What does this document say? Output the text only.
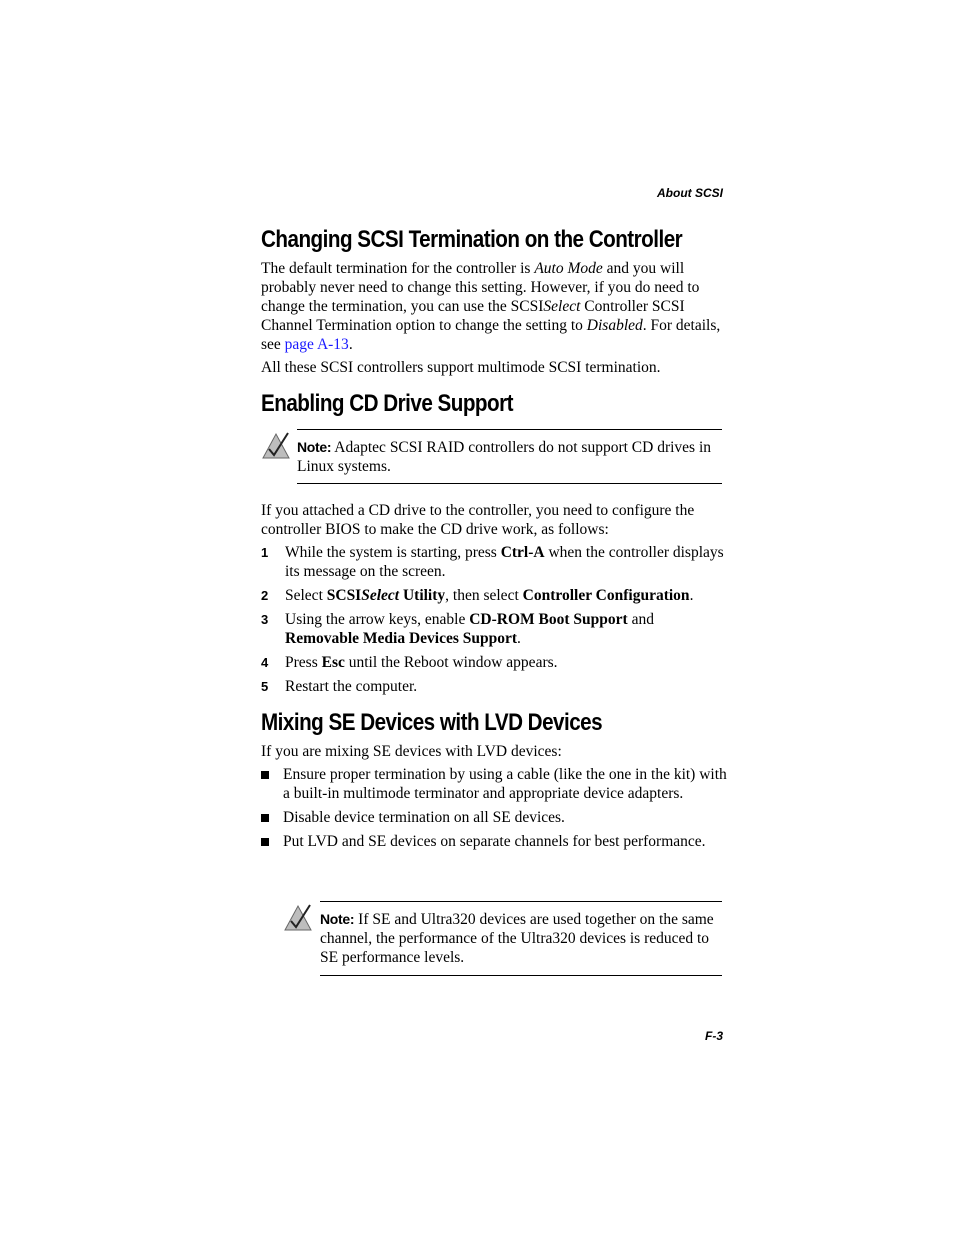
About SCSI
Changing SCSI Termination on the Controller

The default termination for the controller is Auto Mode and you will probably never need to change this setting. However, if you do need to change the termination, you can use the SCSISelect Controller SCSI Channel Termination option to change the setting to Disabled. For details, see page A-13.

All these SCSI controllers support multimode SCSI termination.

Enabling CD Drive Support
Note: Adaptec SCSI RAID controllers do not support CD drives in Linux systems.

If you attached a CD drive to the controller, you need to configure the controller BIOS to make the CD drive work, as follows:

1 While the system is starting, press Ctrl-A when the controller displays its message on the screen.
2 Select SCSISelect Utility, then select Controller Configuration.
3 Using the arrow keys, enable CD-ROM Boot Support and Removable Media Devices Support.
4 Press Esc until the Reboot window appears.
5 Restart the computer.
Mixing SE Devices with LVD Devices

If you are mixing SE devices with LVD devices:

Ensure proper termination by using a cable (like the one in the kit) with a built-in multimode terminator and appropriate device adapters.
Disable device termination on all SE devices.
Put LVD and SE devices on separate channels for best performance.
Note: If SE and Ultra320 devices are used together on the same channel, the performance of the Ultra320 devices is reduced to SE performance levels.
F-3
